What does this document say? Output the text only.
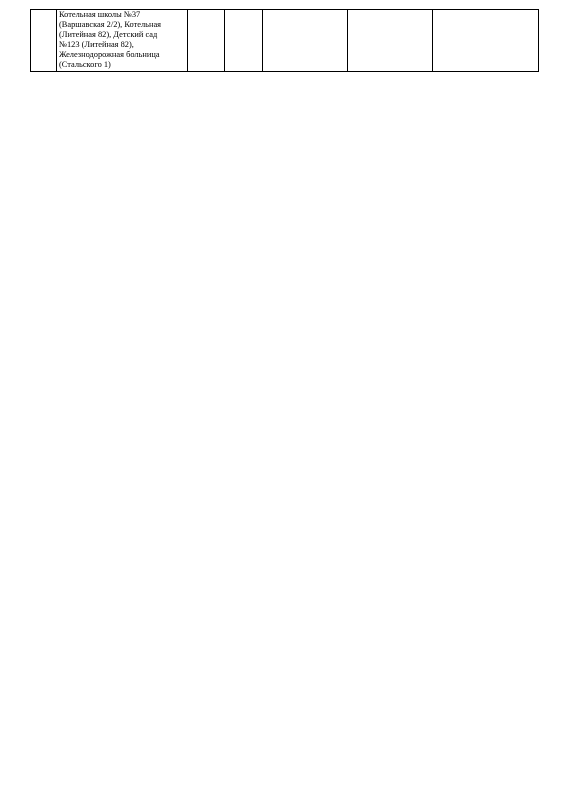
Котельная школы №37
(Варшавская 2/2), Котельная
(Литейная 82), Детский сад
№123 (Литейная 82),
Железнодорожная больница
(Стальского 1)
